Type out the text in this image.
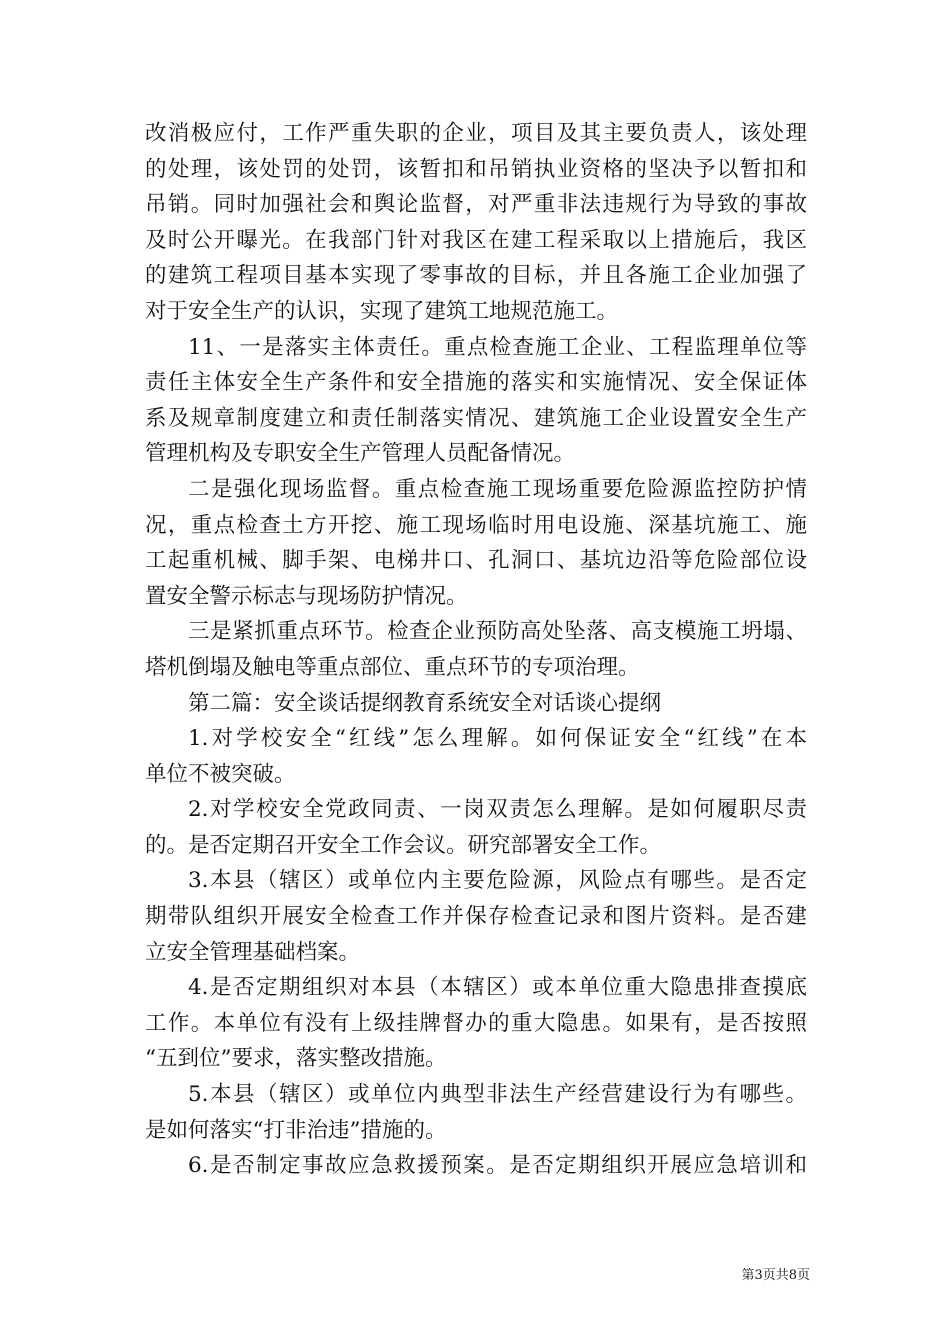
改消极应付，工作严重失职的企业，项目及其主要负责人，该处理
的处理，该处罚的处罚，该暂扣和吊销执业资格的坚决予以暂扣和
吊销。同时加强社会和舆论监督，对严重非法违规行为导致的事故
及时公开曝光。在我部门针对我区在建工程采取以上措施后，我区
的建筑工程项目基本实现了零事故的目标，并且各施工企业加强了
对于安全生产的认识，实现了建筑工地规范施工。
11、一是落实主体责任。重点检查施工企业、工程监理单位等
责任主体安全生产条件和安全措施的落实和实施情况、安全保证体
系及规章制度建立和责任制落实情况、建筑施工企业设置安全生产
管理机构及专职安全生产管理人员配备情况。
二是强化现场监督。重点检查施工现场重要危险源监控防护情
况，重点检查土方开挖、施工现场临时用电设施、深基坑施工、施
工起重机械、脚手架、电梯井口、孔洞口、基坑边沿等危险部位设
置安全警示标志与现场防护情况。
三是紧抓重点环节。检查企业预防高处坠落、高支模施工坍塌、
塔机倒塌及触电等重点部位、重点环节的专项治理。
第二篇：安全谈话提纲教育系统安全对话谈心提纲
1.对学校安全“红线”怎么理解。如何保证安全“红线”在本
单位不被突破。
2.对学校安全党政同责、一岗双责怎么理解。是如何履职尽责
的。是否定期召开安全工作会议。研究部署安全工作。
3.本县（辖区）或单位内主要危险源，风险点有哪些。是否定
期带队组织开展安全检查工作并保存检查记录和图片资料。是否建
立安全管理基础档案。
4.是否定期组织对本县（本辖区）或本单位重大隐患排查摸底
工作。本单位有没有上级挂牌督办的重大隐患。如果有，是否按照
“五到位”要求，落实整改措施。
5.本县（辖区）或单位内典型非法生产经营建设行为有哪些。
是如何落实“打非治违”措施的。
6.是否制定事故应急救援预案。是否定期组织开展应急培训和
第3页共8页
